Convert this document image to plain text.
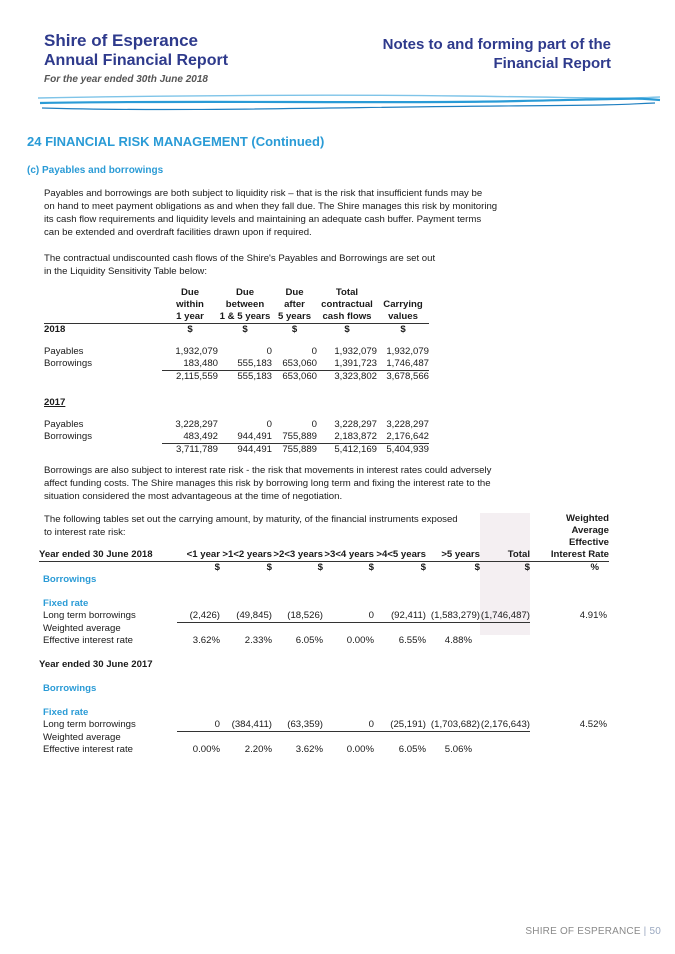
Shire of Esperance
Annual Financial Report
For the year ended 30th June 2018
Notes to and forming part of the
Financial Report
24 FINANCIAL RISK MANAGEMENT (Continued)
(c) Payables and borrowings
Payables and borrowings are both subject to liquidity risk – that is the risk that insufficient funds may be
on hand to meet payment obligations as and when they fall due. The Shire manages this risk by monitoring
its cash flow requirements and liquidity levels and maintaining an adequate cash buffer. Payment terms
can be extended and overdraft facilities drawn upon if required.
The contractual undiscounted cash flows of the Shire's Payables and Borrowings are set out
in the Liquidity Sensitivity Table below:
	Due	Due	Due	Total	
	within	between	after	contractual	Carrying
	1 year	1 & 5 years	5 years	cash flows	values
2018	$	$	$	$	$

Payables	1,932,079	0	0	1,932,079	1,932,079
Borrowings	183,480	555,183	653,060	1,391,723	1,746,487
	2,115,559	555,183	653,060	3,323,802	3,678,566

2017					

Payables	3,228,297	0	0	3,228,297	3,228,297
Borrowings	483,492	944,491	755,889	2,183,872	2,176,642
	3,711,789	944,491	755,889	5,412,169	5,404,939
Borrowings are also subject to interest rate risk - the risk that movements in interest rates could adversely
affect funding costs. The Shire manages this risk by borrowing long term and fixing the interest rate to the
situation considered the most advantageous at the time of negotiation.
The following tables set out the carrying amount, by maturity, of the financial instruments exposed
to interest rate risk:
								Weighted
								Average
								Effective
Year ended 30 June 2018	<1 year	>1<2 years	>2<3 years	>3<4 years	>4<5 years	>5 years	Total	Interest Rate
	$	$	$	$	$	$	$	%
Borrowings								

Fixed rate								
Long term borrowings	(2,426)	(49,845)	(18,526)	0	(92,411)	(1,583,279)	(1,746,487)	4.91%
Weighted average								
Effective interest rate	3.62%	2.33%	6.05%	0.00%	6.55%	4.88%		

Year ended 30 June 2017								

Borrowings								

Fixed rate								
Long term borrowings	0	(384,411)	(63,359)	0	(25,191)	(1,703,682)	(2,176,643)	4.52%
Weighted average								
Effective interest rate	0.00%	2.20%	3.62%	0.00%	6.05%	5.06%		
SHIRE OF ESPERANCE | 50
